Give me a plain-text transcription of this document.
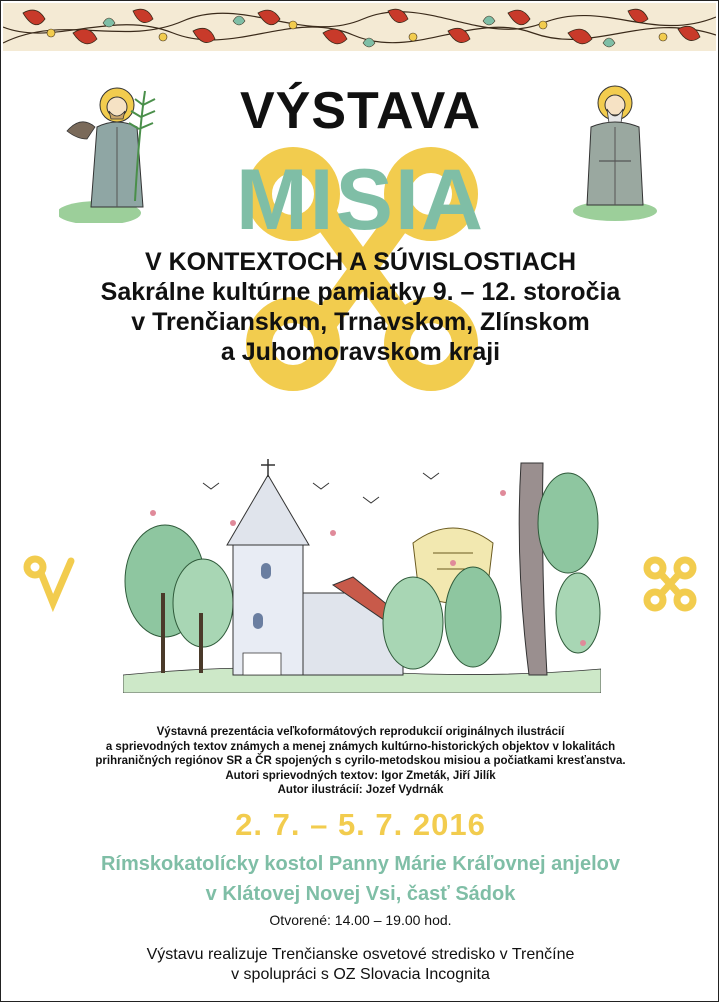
VÝSTAVA
MISIA
V KONTEXTOCH A SÚVISLOSTIACH
Sakrálne kultúrne pamiatky 9. – 12. storočia
v Trenčianskom, Trnavskom, Zlínskom
a Juhomoravskom kraji
Výstavná prezentácia veľkoformátových reprodukcií originálnych ilustrácií
a sprievodných textov známych a menej známych kultúrno-historických objektov v lokalitách
prihraničných regiónov SR a ČR spojených s cyrilo-metodskou misiou a počiatkami kresťanstva.
Autori sprievodných textov: Igor Zmeták, Jiří Jilík
Autor ilustrácií: Jozef Vydrnák
2. 7. – 5. 7. 2016
Rímskokatolícky kostol Panny Márie Kráľovnej anjelov
v Klátovej Novej Vsi, časť Sádok
Otvorené: 14.00 – 19.00 hod.
Výstavu realizuje Trenčianske osvetové stredisko v Trenčíne
v spolupráci s OZ Slovacia Incognita
